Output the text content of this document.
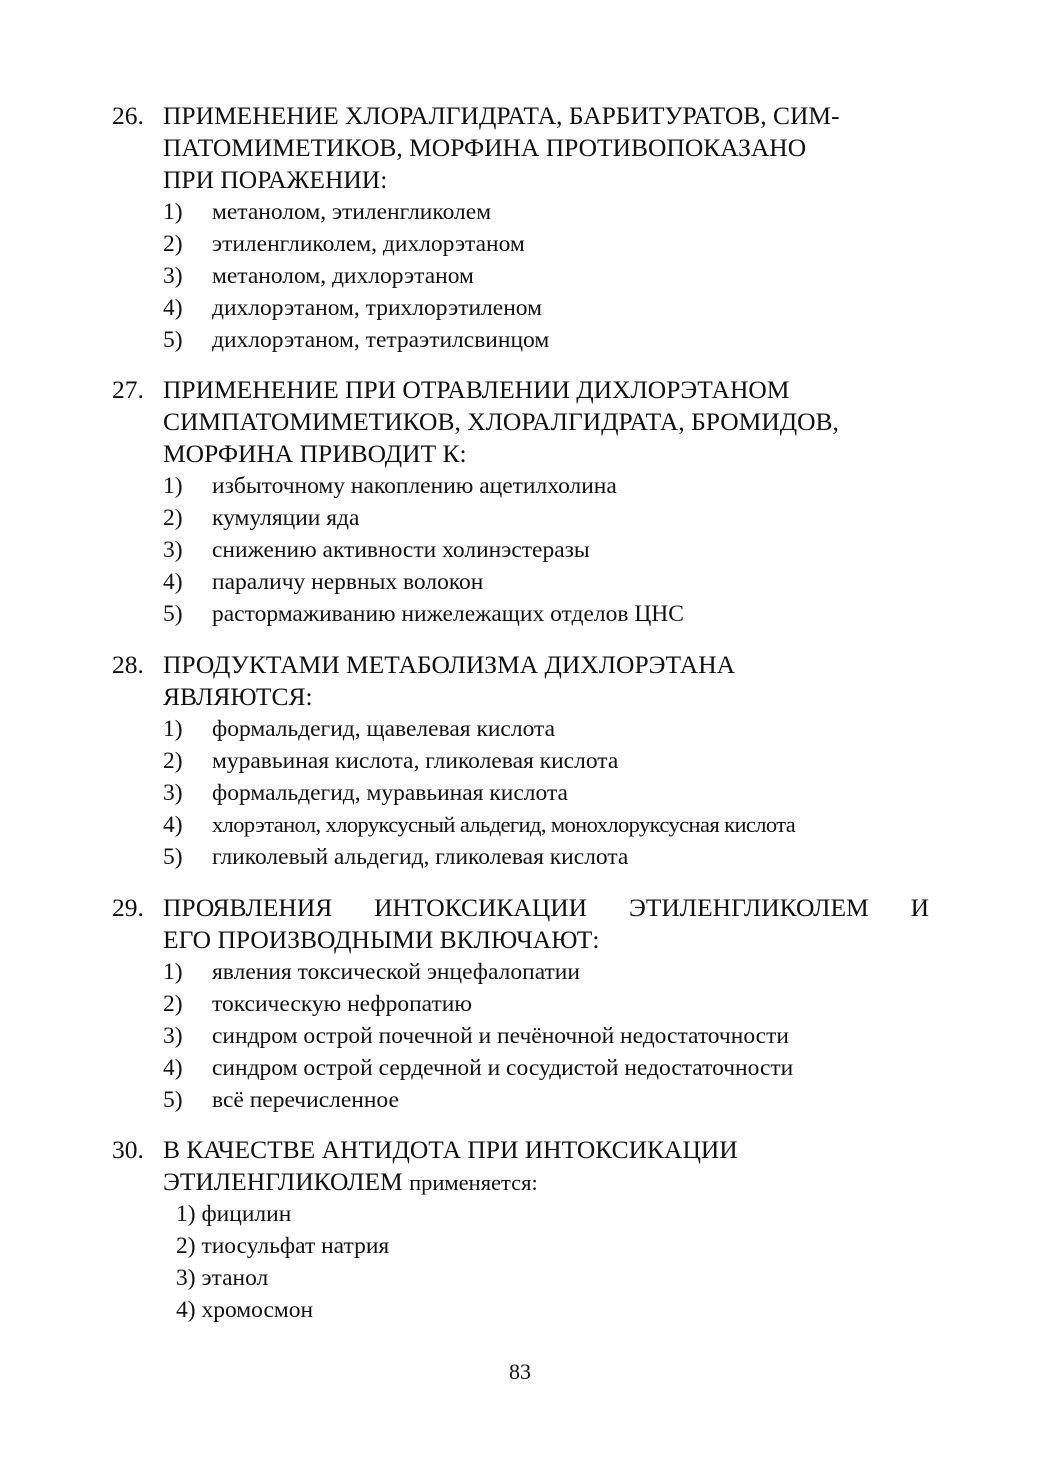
26. ПРИМЕНЕНИЕ ХЛОРАЛГИДРАТА, БАРБИТУРАТОВ, СИМ-
ПАТОМИМЕТИКОВ, МОРФИНА ПРОТИВОПОКАЗАНО
ПРИ ПОРАЖЕНИИ:
1) метанолом, этиленгликолем
2) этиленгликолем, дихлорэтаном
3) метанолом, дихлорэтаном
4) дихлорэтаном, трихлорэтиленом
5) дихлорэтаном, тетраэтилсвинцом
27. ПРИМЕНЕНИЕ ПРИ ОТРАВЛЕНИИ ДИХЛОРЭТАНОМ
СИМПАТОМИМЕТИКОВ, ХЛОРАЛГИДРАТА, БРОМИДОВ,
МОРФИНА ПРИВОДИТ К:
1) избыточному накоплению ацетилхолина
2) кумуляции яда
3) снижению активности холинэстеразы
4) параличу нервных волокон
5) растормаживанию нижележащих отделов ЦНС
28. ПРОДУКТАМИ МЕТАБОЛИЗМА ДИХЛОРЭТАНА
ЯВЛЯЮТСЯ:
1) формальдегид, щавелевая кислота
2) муравьиная кислота, гликолевая кислота
3) формальдегид, муравьиная кислота
4) хлорэтанол, хлоруксусный альдегид, монохлоруксусная кислота
5) гликолевый альдегид, гликолевая кислота
29. ПРОЯВЛЕНИЯ ИНТОКСИКАЦИИ ЭТИЛЕНГЛИКОЛЕМ И
ЕГО ПРОИЗВОДНЫМИ ВКЛЮЧАЮТ:
1) явления токсической энцефалопатии
2) токсическую нефропатию
3) синдром острой почечной и печёночной недостаточности
4) синдром острой сердечной и сосудистой недостаточности
5) всё перечисленное
30. В КАЧЕСТВЕ АНТИДОТА ПРИ ИНТОКСИКАЦИИ
ЭТИЛЕНГЛИКОЛЕМ применяется:
1) фицилин
2) тиосульфат натрия
3) этанол
4) хромосмон
83
